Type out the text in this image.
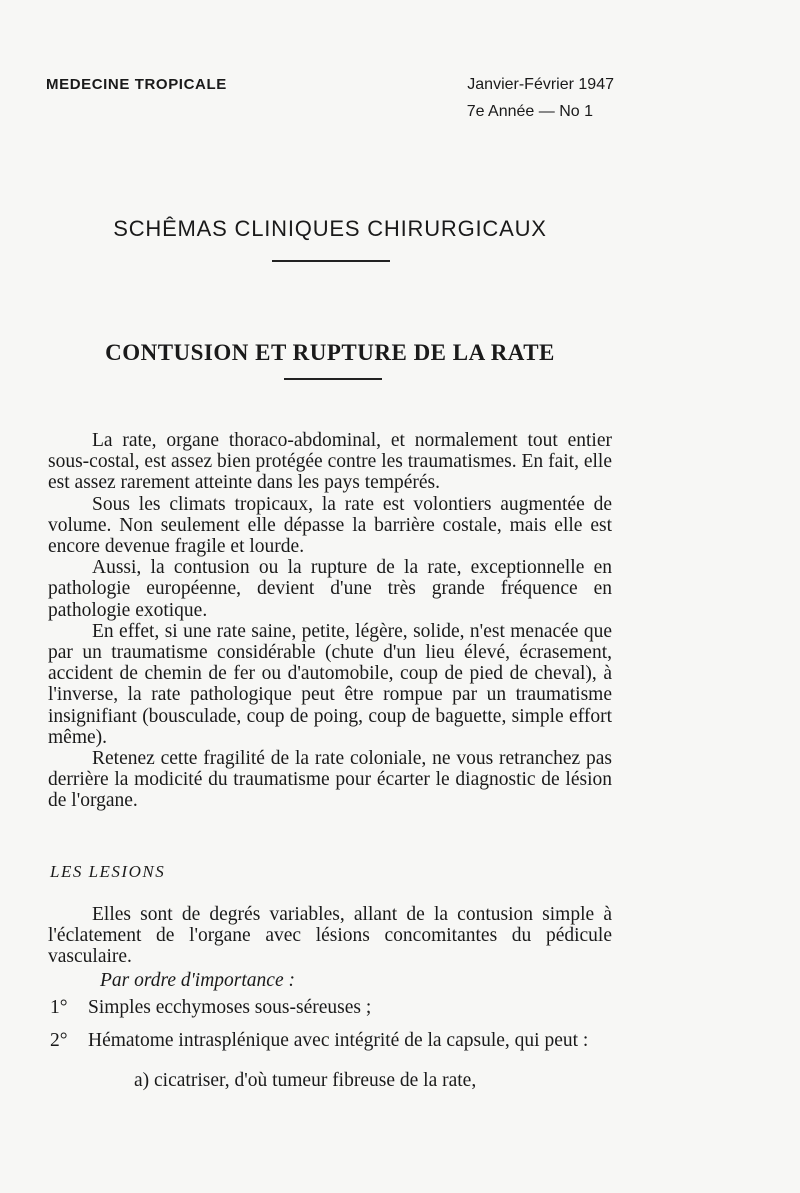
MEDECINE TROPICALE	Janvier-Février 1947
7e Année — No 1
SCHÊMAS CLINIQUES CHIRURGICAUX
CONTUSION ET RUPTURE DE LA RATE

La rate, organe thoraco-abdominal, et normalement tout entier sous-costal, est assez bien protégée contre les traumatismes. En fait, elle est assez rarement atteinte dans les pays tempérés.

Sous les climats tropicaux, la rate est volontiers augmentée de volume. Non seulement elle dépasse la barrière costale, mais elle est encore devenue fragile et lourde.

Aussi, la contusion ou la rupture de la rate, exceptionnelle en pathologie européenne, devient d'une très grande fréquence en pathologie exotique.

En effet, si une rate saine, petite, légère, solide, n'est menacée que par un traumatisme considérable (chute d'un lieu élevé, écrasement, accident de chemin de fer ou d'automobile, coup de pied de cheval), à l'inverse, la rate pathologique peut être rompue par un traumatisme insignifiant (bousculade, coup de poing, coup de baguette, simple effort même).

Retenez cette fragilité de la rate coloniale, ne vous retranchez pas derrière la modicité du traumatisme pour écarter le diagnostic de lésion de l'organe.

LES LESIONS

Elles sont de degrés variables, allant de la contusion simple à l'éclatement de l'organe avec lésions concomitantes du pédicule vasculaire.

Par ordre d'importance :
1° Simples ecchymoses sous-séreuses ;
2° Hématome intrasplénique avec intégrité de la capsule, qui peut :
a) cicatriser, d'où tumeur fibreuse de la rate,
